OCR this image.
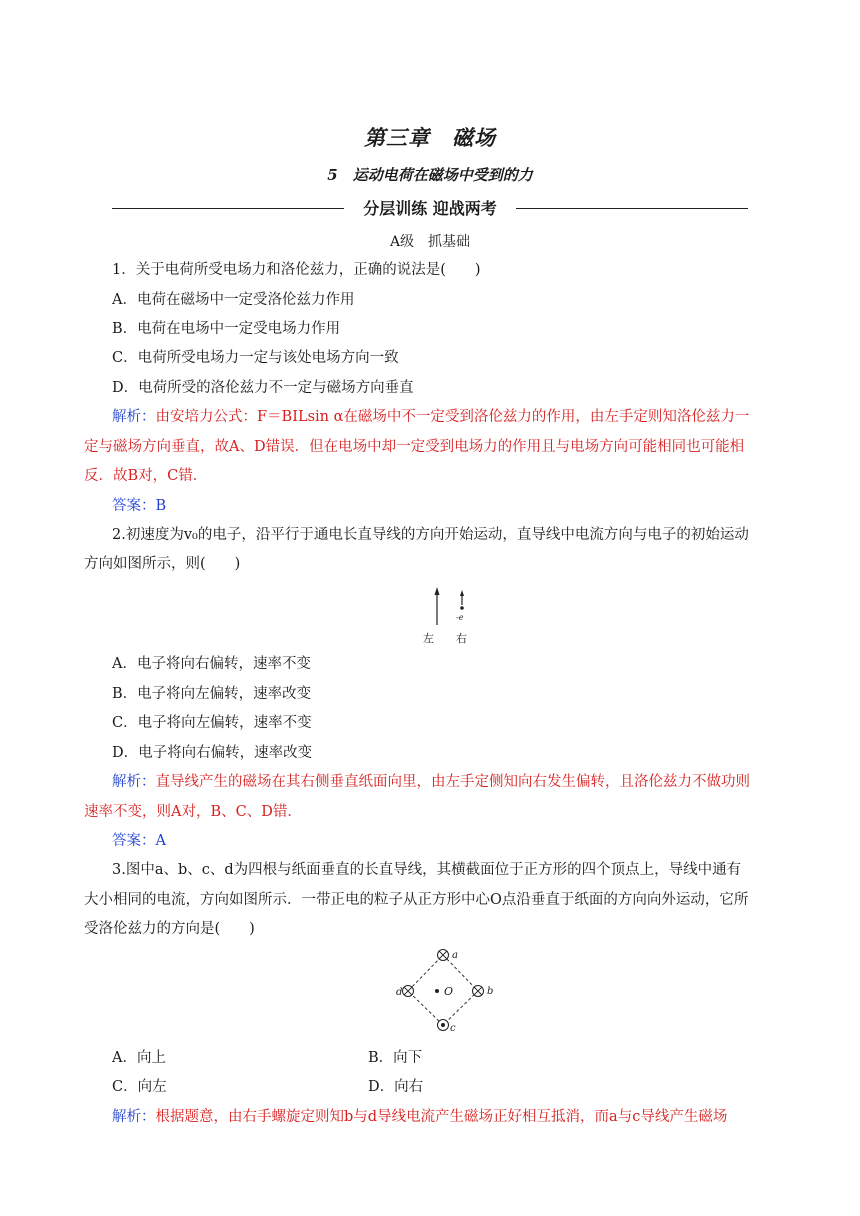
第三章　磁场
5　运动电荷在磁场中受到的力
分层训练 迎战两考
A级　抓基础
1．关于电荷所受电场力和洛伦兹力，正确的说法是(　　)
A．电荷在磁场中一定受洛伦兹力作用
B．电荷在电场中一定受电场力作用
C．电荷所受电场力一定与该处电场方向一致
D．电荷所受的洛伦兹力不一定与磁场方向垂直
解析：由安培力公式：F＝BILsin α在磁场中不一定受到洛伦兹力的作用，由左手定则知洛伦兹力一
定与磁场方向垂直，故A、D错误．但在电场中却一定受到电场力的作用且与电场方向可能相同也可能相
反．故B对，C错．
答案：B
2.初速度为v₀的电子，沿平行于通电长直导线的方向开始运动，直导线中电流方向与电子的初始运动
方向如图所示，则(　　)
-e
左 右
A．电子将向右偏转，速率不变
B．电子将向左偏转，速率改变
C．电子将向左偏转，速率不变
D．电子将向右偏转，速率改变
解析：直导线产生的磁场在其右侧垂直纸面向里，由左手定侧知向右发生偏转，且洛伦兹力不做功则
速率不变，则A对，B、C、D错．
答案：A
3.图中a、b、c、d为四根与纸面垂直的长直导线，其横截面位于正方形的四个顶点上，导线中通有
大小相同的电流，方向如图所示．一带正电的粒子从正方形中心O点沿垂直于纸面的方向向外运动，它所
受洛伦兹力的方向是(　　)
O
a
b
d
c
A．向上	B．向下
C．向左	D．向右
解析：根据题意，由右手螺旋定则知b与d导线电流产生磁场正好相互抵消，而a与c导线产生磁场
